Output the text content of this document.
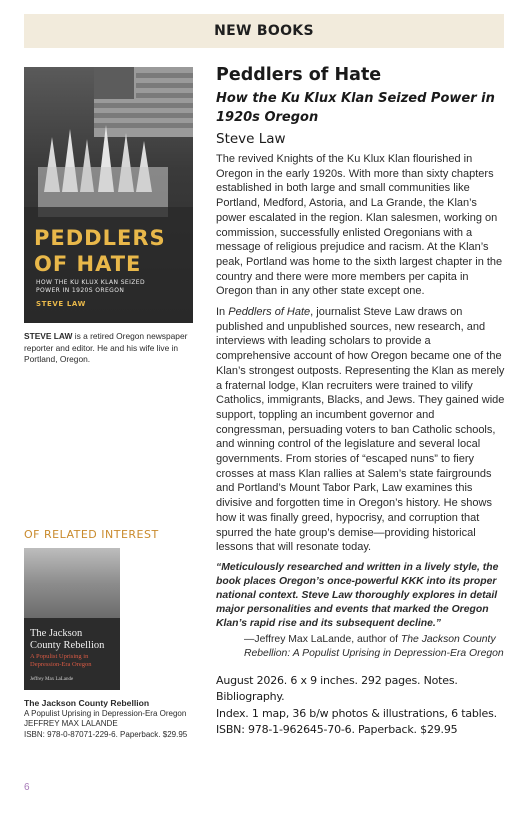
NEW BOOKS
PEDDLERS
OF HATE
HOW THE KU KLUX KLAN SEIZED
POWER IN 1920S OREGON
STEVE LAW

STEVE LAW is a retired Oregon newspaper reporter and editor. He and his wife live in Portland, Oregon.

OF RELATED INTEREST
The Jackson
County Rebellion
A Populist Uprising in Depression-Era Oregon
Jeffrey Max LaLande
The Jackson County Rebellion
A Populist Uprising in Depression-Era Oregon
JEFFREY MAX LALANDE
ISBN: 978-0-87071-229-6. Paperback. $29.95
6
Peddlers of Hate
How the Ku Klux Klan Seized Power in 1920s Oregon
Steve Law

The revived Knights of the Ku Klux Klan flourished in Oregon in the early 1920s. With more than sixty chapters established in both large and small communities like Portland, Medford, Astoria, and La Grande, the Klan’s power escalated in the region. Klan salesmen, working on commission, successfully enlisted Oregonians with a message of religious prejudice and racism. At the Klan’s peak, Portland was home to the sixth largest chapter in the country and there were more members per capita in Oregon than in any other state except one.

In Peddlers of Hate, journalist Steve Law draws on published and unpublished sources, new research, and interviews with leading scholars to provide a comprehensive account of how Oregon became one of the Klan’s strongest outposts. Representing the Klan as merely a fraternal lodge, Klan recruiters were trained to vilify Catholics, immigrants, Blacks, and Jews. They gained wide support, toppling an incumbent governor and congressman, persuading voters to ban Catholic schools, and winning control of the legislature and several local governments. From stories of “escaped nuns” to fiery crosses at mass Klan rallies at Salem’s state fairgrounds and Portland’s Mount Tabor Park, Law examines this divisive and forgotten time in Oregon’s history. He shows how it was finally greed, hypocrisy, and corruption that spurred the hate group’s demise—providing historical lessons that will resonate today.

“Meticulously researched and written in a lively style, the book places Oregon’s once-powerful KKK into its proper national context. Steve Law thoroughly explores in detail major personalities and events that marked the Oregon Klan’s rapid rise and its subsequent decline.”

—Jeffrey Max LaLande, author of The Jackson County Rebellion: A Populist Uprising in Depression-Era Oregon

August 2026. 6 x 9 inches. 292 pages. Notes. Bibliography.
Index. 1 map, 36 b/w photos & illustrations, 6 tables.
ISBN: 978-1-962645-70-6. Paperback. $29.95
